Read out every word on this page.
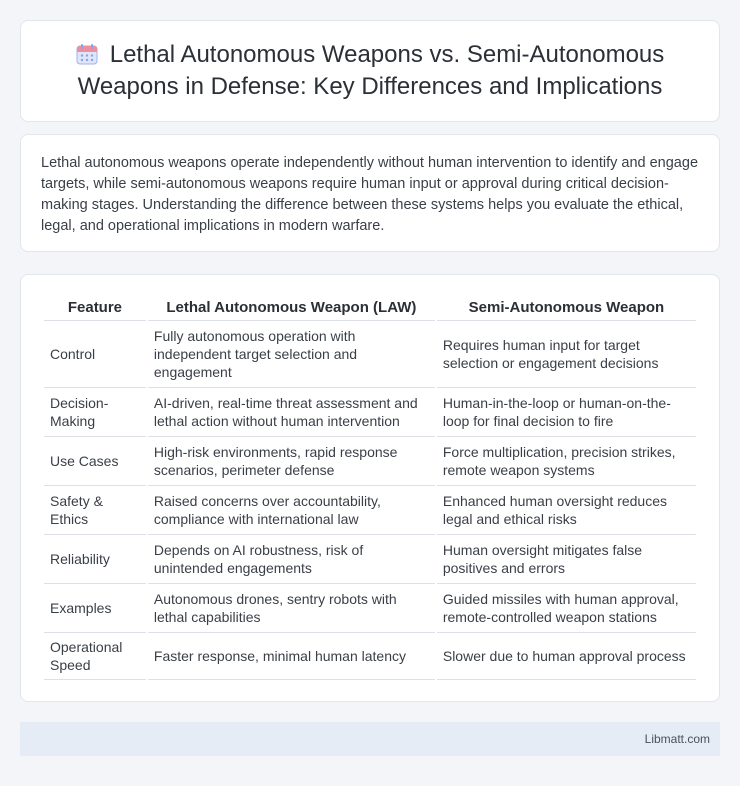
Lethal Autonomous Weapons vs. Semi-Autonomous Weapons in Defense: Key Differences and Implications

Lethal autonomous weapons operate independently without human intervention to identify and engage targets, while semi-autonomous weapons require human input or approval during critical decision-making stages. Understanding the difference between these systems helps you evaluate the ethical, legal, and operational implications in modern warfare.

Feature	Lethal Autonomous Weapon (LAW)	Semi-Autonomous Weapon
Control	Fully autonomous operation with independent target selection and engagement	Requires human input for target selection or engagement decisions
Decision-Making	AI-driven, real-time threat assessment and lethal action without human intervention	Human-in-the-loop or human-on-the-loop for final decision to fire
Use Cases	High-risk environments, rapid response scenarios, perimeter defense	Force multiplication, precision strikes, remote weapon systems
Safety & Ethics	Raised concerns over accountability, compliance with international law	Enhanced human oversight reduces legal and ethical risks
Reliability	Depends on AI robustness, risk of unintended engagements	Human oversight mitigates false positives and errors
Examples	Autonomous drones, sentry robots with lethal capabilities	Guided missiles with human approval, remote-controlled weapon stations
Operational Speed	Faster response, minimal human latency	Slower due to human approval process
Libmatt.com
